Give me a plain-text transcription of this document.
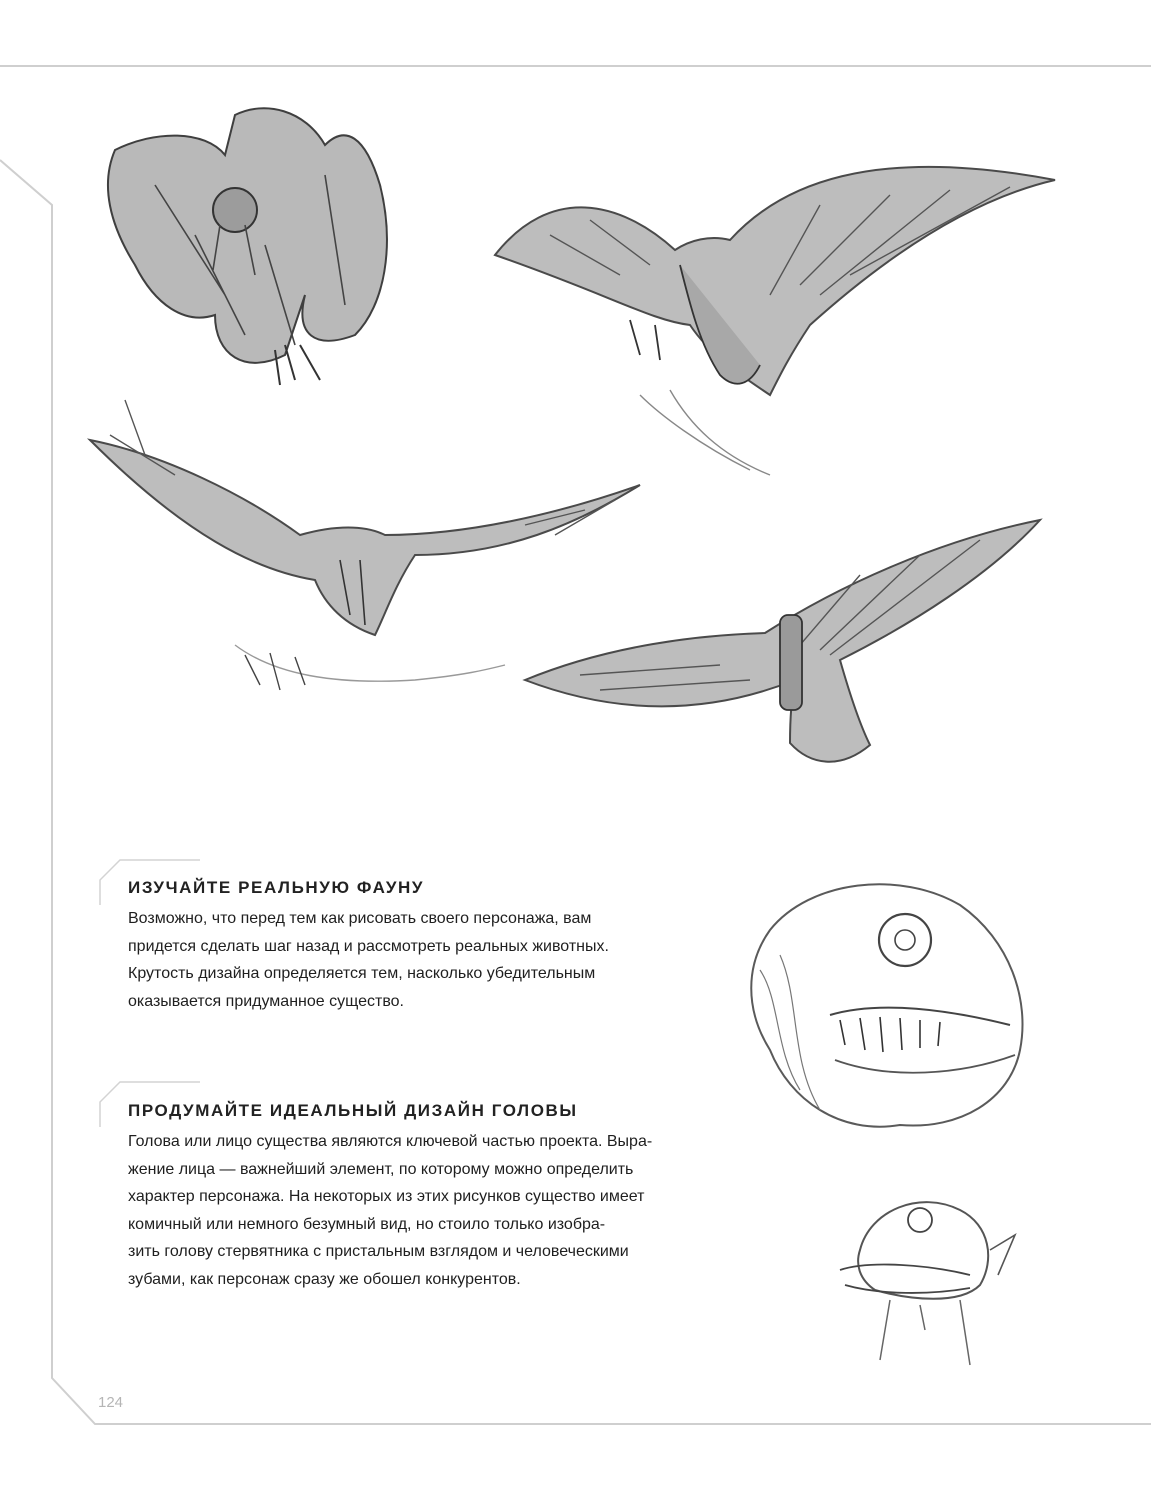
ИЗУЧАЙТЕ РЕАЛЬНУЮ ФАУНУ

Возможно, что перед тем как рисовать своего персонажа, вам
придется сделать шаг назад и рассмотреть реальных животных.
Крутость дизайна определяется тем, насколько убедительным
оказывается придуманное существо.

ПРОДУМАЙТЕ ИДЕАЛЬНЫЙ ДИЗАЙН ГОЛОВЫ

Голова или лицо существа являются ключевой частью проекта. Выра-
жение лица — важнейший элемент, по которому можно определить
характер персонажа. На некоторых из этих рисунков существо имеет
комичный или немного безумный вид, но стоило только изобра-
зить голову стервятника с пристальным взглядом и человеческими
зубами, как персонаж сразу же обошел конкурентов.

124
